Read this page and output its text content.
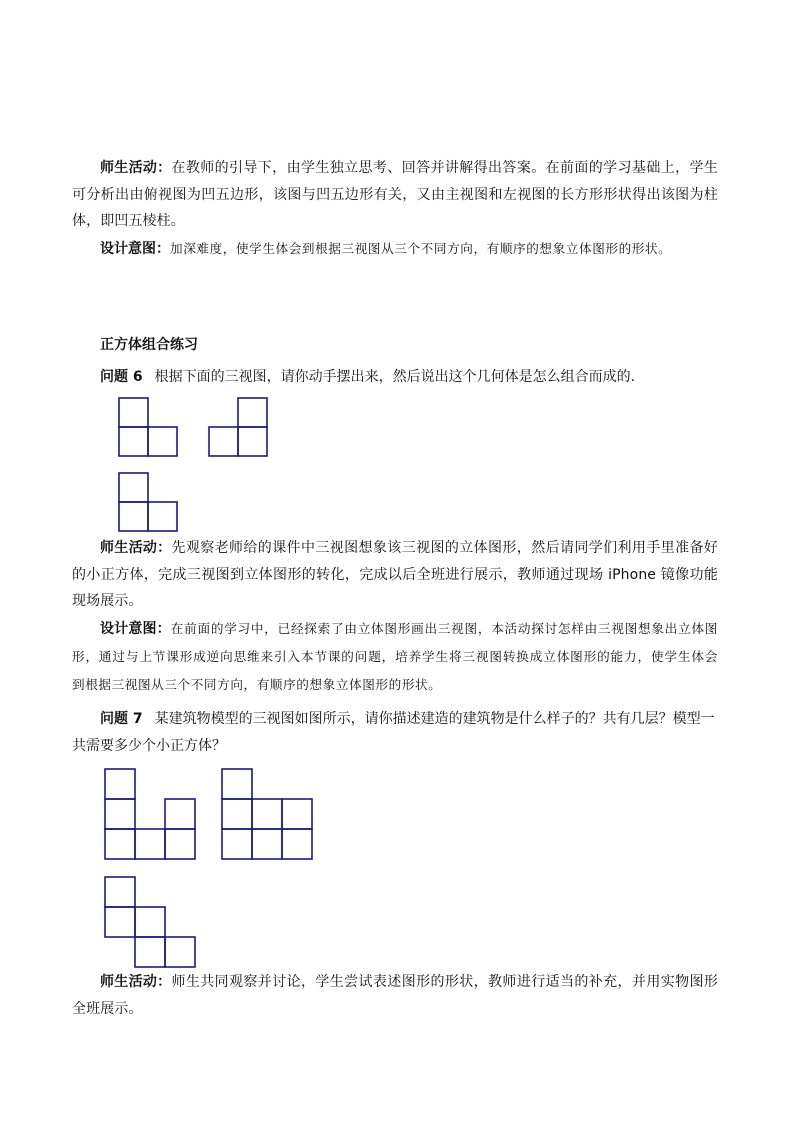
师生活动：在教师的引导下，由学生独立思考、回答并讲解得出答案。在前面的学习基础上，学生可分析出由俯视图为凹五边形，该图与凹五边形有关，又由主视图和左视图的长方形形状得出该图为柱体，即凹五棱柱。
设计意图：加深难度，使学生体会到根据三视图从三个不同方向，有顺序的想象立体图形的形状。
正方体组合练习
问题 6 根据下面的三视图，请你动手摆出来，然后说出这个几何体是怎么组合而成的.
师生活动：先观察老师给的课件中三视图想象该三视图的立体图形，然后请同学们利用手里准备好的小正方体，完成三视图到立体图形的转化，完成以后全班进行展示，教师通过现场 iPhone 镜像功能现场展示。
设计意图：在前面的学习中，已经探索了由立体图形画出三视图，本活动探讨怎样由三视图想象出立体图形，通过与上节课形成逆向思维来引入本节课的问题，培养学生将三视图转换成立体图形的能力，使学生体会到根据三视图从三个不同方向，有顺序的想象立体图形的形状。
问题 7 某建筑物模型的三视图如图所示，请你描述建造的建筑物是什么样子的？共有几层？模型一共需要多少个小正方体？
师生活动：师生共同观察并讨论，学生尝试表述图形的形状，教师进行适当的补充，并用实物图形全班展示。
